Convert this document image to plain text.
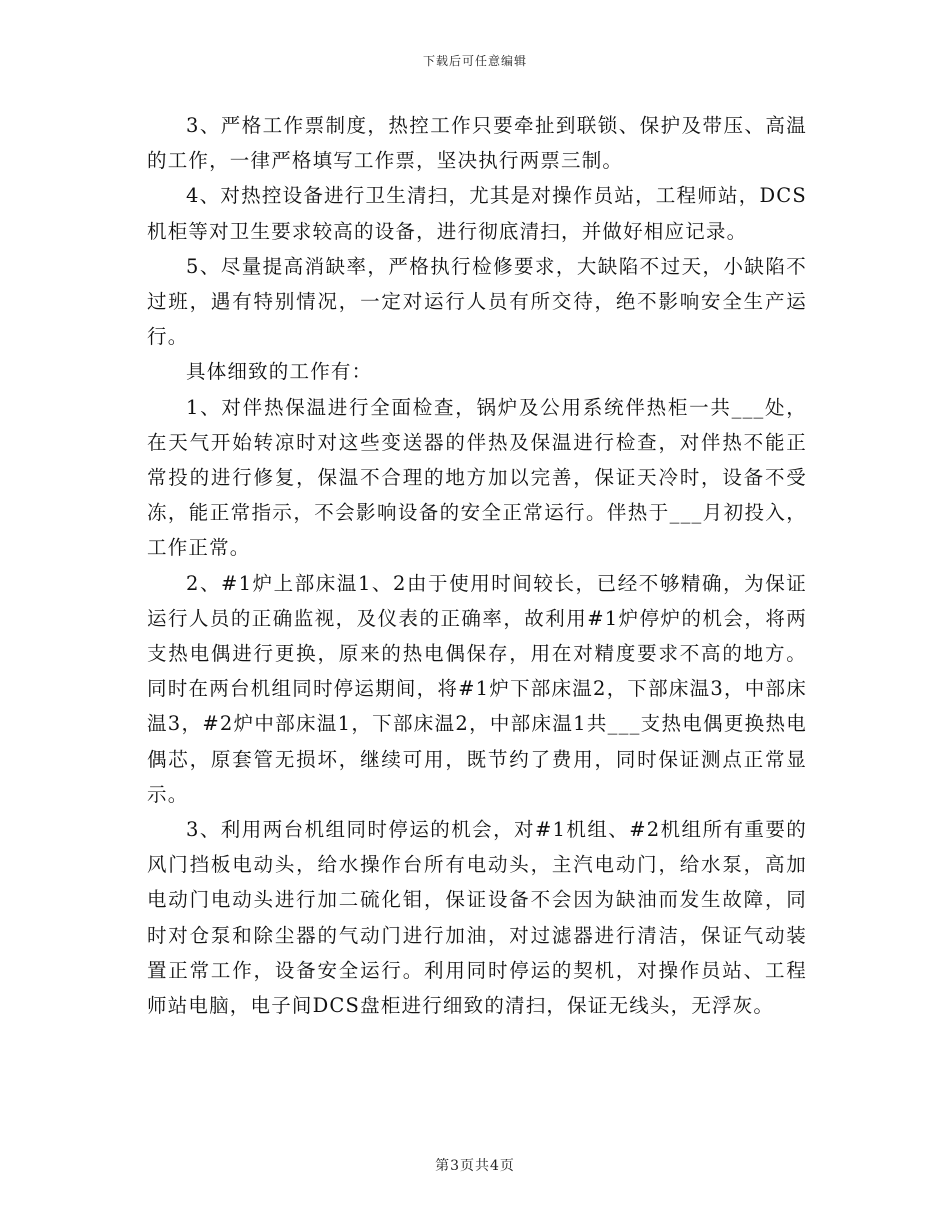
下载后可任意编辑

3、严格工作票制度，热控工作只要牵扯到联锁、保护及带压、高温的工作，一律严格填写工作票，坚决执行两票三制。

4、对热控设备进行卫生清扫，尤其是对操作员站，工程师站，DCS机柜等对卫生要求较高的设备，进行彻底清扫，并做好相应记录。

5、尽量提高消缺率，严格执行检修要求，大缺陷不过天，小缺陷不过班，遇有特别情况，一定对运行人员有所交待，绝不影响安全生产运行。

具体细致的工作有：

1、对伴热保温进行全面检查，锅炉及公用系统伴热柜一共___处，在天气开始转凉时对这些变送器的伴热及保温进行检查，对伴热不能正常投的进行修复，保温不合理的地方加以完善，保证天冷时，设备不受冻，能正常指示，不会影响设备的安全正常运行。伴热于___月初投入，工作正常。

2、#1炉上部床温1、2由于使用时间较长，已经不够精确，为保证运行人员的正确监视，及仪表的正确率，故利用#1炉停炉的机会，将两支热电偶进行更换，原来的热电偶保存，用在对精度要求不高的地方。同时在两台机组同时停运期间，将#1炉下部床温2，下部床温3，中部床温3，#2炉中部床温1，下部床温2，中部床温1共___支热电偶更换热电偶芯，原套管无损坏，继续可用，既节约了费用，同时保证测点正常显示。

3、利用两台机组同时停运的机会，对#1机组、#2机组所有重要的风门挡板电动头，给水操作台所有电动头，主汽电动门，给水泵，高加电动门电动头进行加二硫化钼，保证设备不会因为缺油而发生故障，同时对仓泵和除尘器的气动门进行加油，对过滤器进行清洁，保证气动装置正常工作，设备安全运行。利用同时停运的契机，对操作员站、工程师站电脑，电子间DCS盘柜进行细致的清扫，保证无线头，无浮灰。

第3页共4页
